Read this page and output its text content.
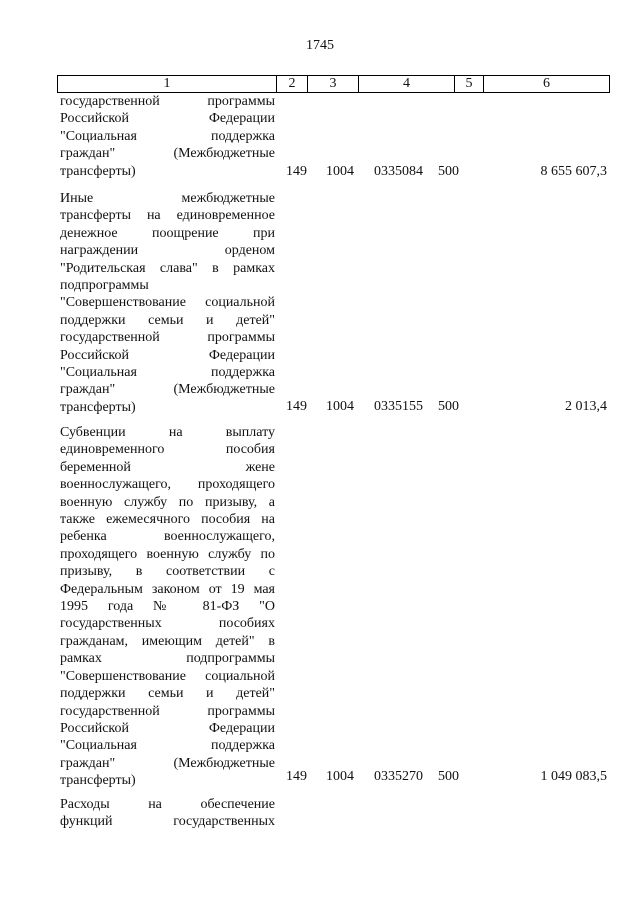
1745
1	2	3	4	5	6
государственной программы
Российской Федерации
"Социальная поддержка
граждан" (Межбюджетные
трансферты)	149 1004 0335084 500	8 655 607,3
Иные межбюджетные
трансферты на единовременное
денежное поощрение при
награждении орденом
"Родительская слава" в рамках
подпрограммы
"Совершенствование социальной
поддержки семьи и детей"
государственной программы
Российской Федерации
"Социальная поддержка
граждан" (Межбюджетные
трансферты)	149 1004 0335155 500	2 013,4
Субвенции на выплату
единовременного пособия
беременной жене
военнослужащего, проходящего
военную службу по призыву, а
также ежемесячного пособия на
ребенка военнослужащего,
проходящего военную службу по
призыву, в соответствии с
Федеральным законом от 19 мая
1995 года № 81-ФЗ "О
государственных пособиях
гражданам, имеющим детей" в
рамках подпрограммы
"Совершенствование социальной
поддержки семьи и детей"
государственной программы
Российской Федерации
"Социальная поддержка
граждан" (Межбюджетные
трансферты)	149 1004 0335270 500	1 049 083,5
Расходы на обеспечение
функций государственных
